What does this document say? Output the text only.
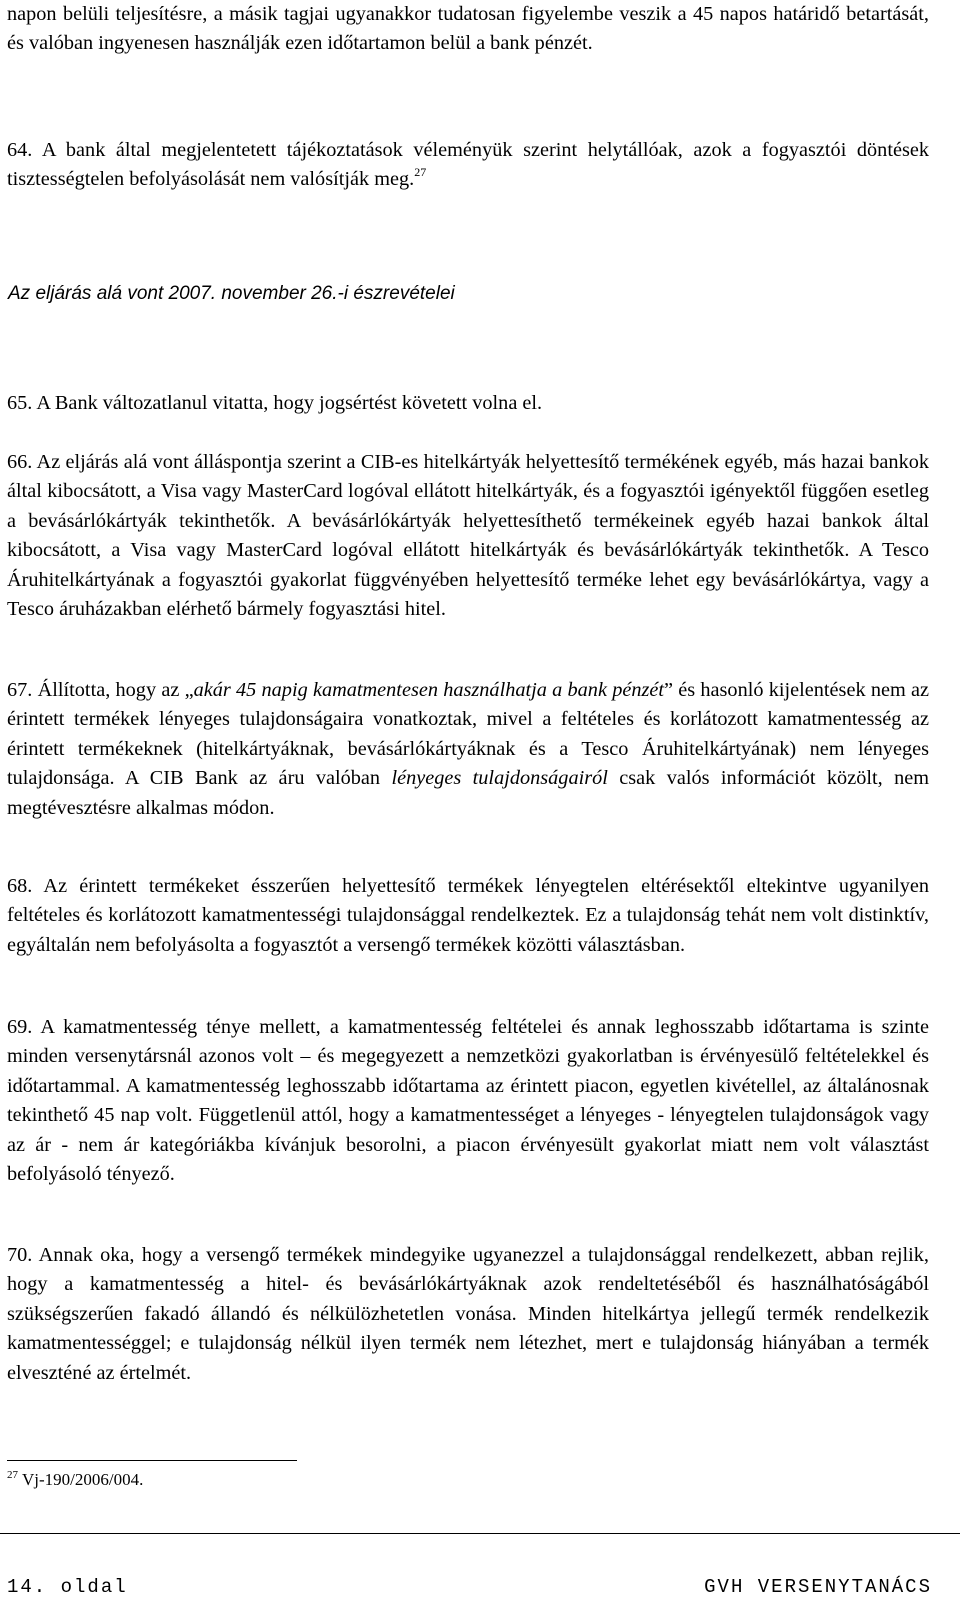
napon belüli teljesítésre, a másik tagjai ugyanakkor tudatosan figyelembe veszik a 45 napos határidő betartását, és valóban ingyenesen használják ezen időtartamon belül a bank pénzét.

64. A bank által megjelentetett tájékoztatások véleményük szerint helytállóak, azok a fogyasztói döntések tisztességtelen befolyásolását nem valósítják meg.$^{27}$

Az eljárás alá vont 2007. november 26.-i észrevételei

65. A Bank változatlanul vitatta, hogy jogsértést követett volna el.

66. Az eljárás alá vont álláspontja szerint a CIB-es hitelkártyák helyettesítő termékének egyéb, más hazai bankok által kibocsátott, a Visa vagy MasterCard logóval ellátott hitelkártyák, és a fogyasztói igényektől függően esetleg a bevásárlókártyák tekinthetők. A bevásárlókártyák helyettesíthető termékeinek egyéb hazai bankok által kibocsátott, a Visa vagy MasterCard logóval ellátott hitelkártyák és bevásárlókártyák tekinthetők. A Tesco Áruhitelkártyának a fogyasztói gyakorlat függvényében helyettesítő terméke lehet egy bevásárlókártya, vagy a Tesco áruházakban elérhető bármely fogyasztási hitel.

67. Állította, hogy az „akár 45 napig kamatmentesen használhatja a bank pénzét” és hasonló kijelentések nem az érintett termékek lényeges tulajdonságaira vonatkoztak, mivel a feltételes és korlátozott kamatmentesség az érintett termékeknek (hitelkártyáknak, bevásárlókártyáknak és a Tesco Áruhitelkártyának) nem lényeges tulajdonsága. A CIB Bank az áru valóban lényeges tulajdonságairól csak valós információt közölt, nem megtévesztésre alkalmas módon.

68. Az érintett termékeket ésszerűen helyettesítő termékek lényegtelen eltérésektől eltekintve ugyanilyen feltételes és korlátozott kamatmentességi tulajdonsággal rendelkeztek. Ez a tulajdonság tehát nem volt distinktív, egyáltalán nem befolyásolta a fogyasztót a versengő termékek közötti választásban.

69. A kamatmentesség ténye mellett, a kamatmentesség feltételei és annak leghosszabb időtartama is szinte minden versenytársnál azonos volt – és megegyezett a nemzetközi gyakorlatban is érvényesülő feltételekkel és időtartammal. A kamatmentesség leghosszabb időtartama az érintett piacon, egyetlen kivétellel, az általánosnak tekinthető 45 nap volt. Függetlenül attól, hogy a kamatmentességet a lényeges - lényegtelen tulajdonságok vagy az ár - nem ár kategóriákba kívánjuk besorolni, a piacon érvényesült gyakorlat miatt nem volt választást befolyásoló tényező.

70. Annak oka, hogy a versengő termékek mindegyike ugyanezzel a tulajdonsággal rendelkezett, abban rejlik, hogy a kamatmentesség a hitel- és bevásárlókártyáknak azok rendeltetéséből és használhatóságából szükségszerűen fakadó állandó és nélkülözhetetlen vonása. Minden hitelkártya jellegű termék rendelkezik kamatmentességgel; e tulajdonság nélkül ilyen termék nem létezhet, mert e tulajdonság hiányában a termék elveszténé az értelmét.

$^{27}$ Vj-190/2006/004.
14. oldal	GVH VERSENYTANÁCS
